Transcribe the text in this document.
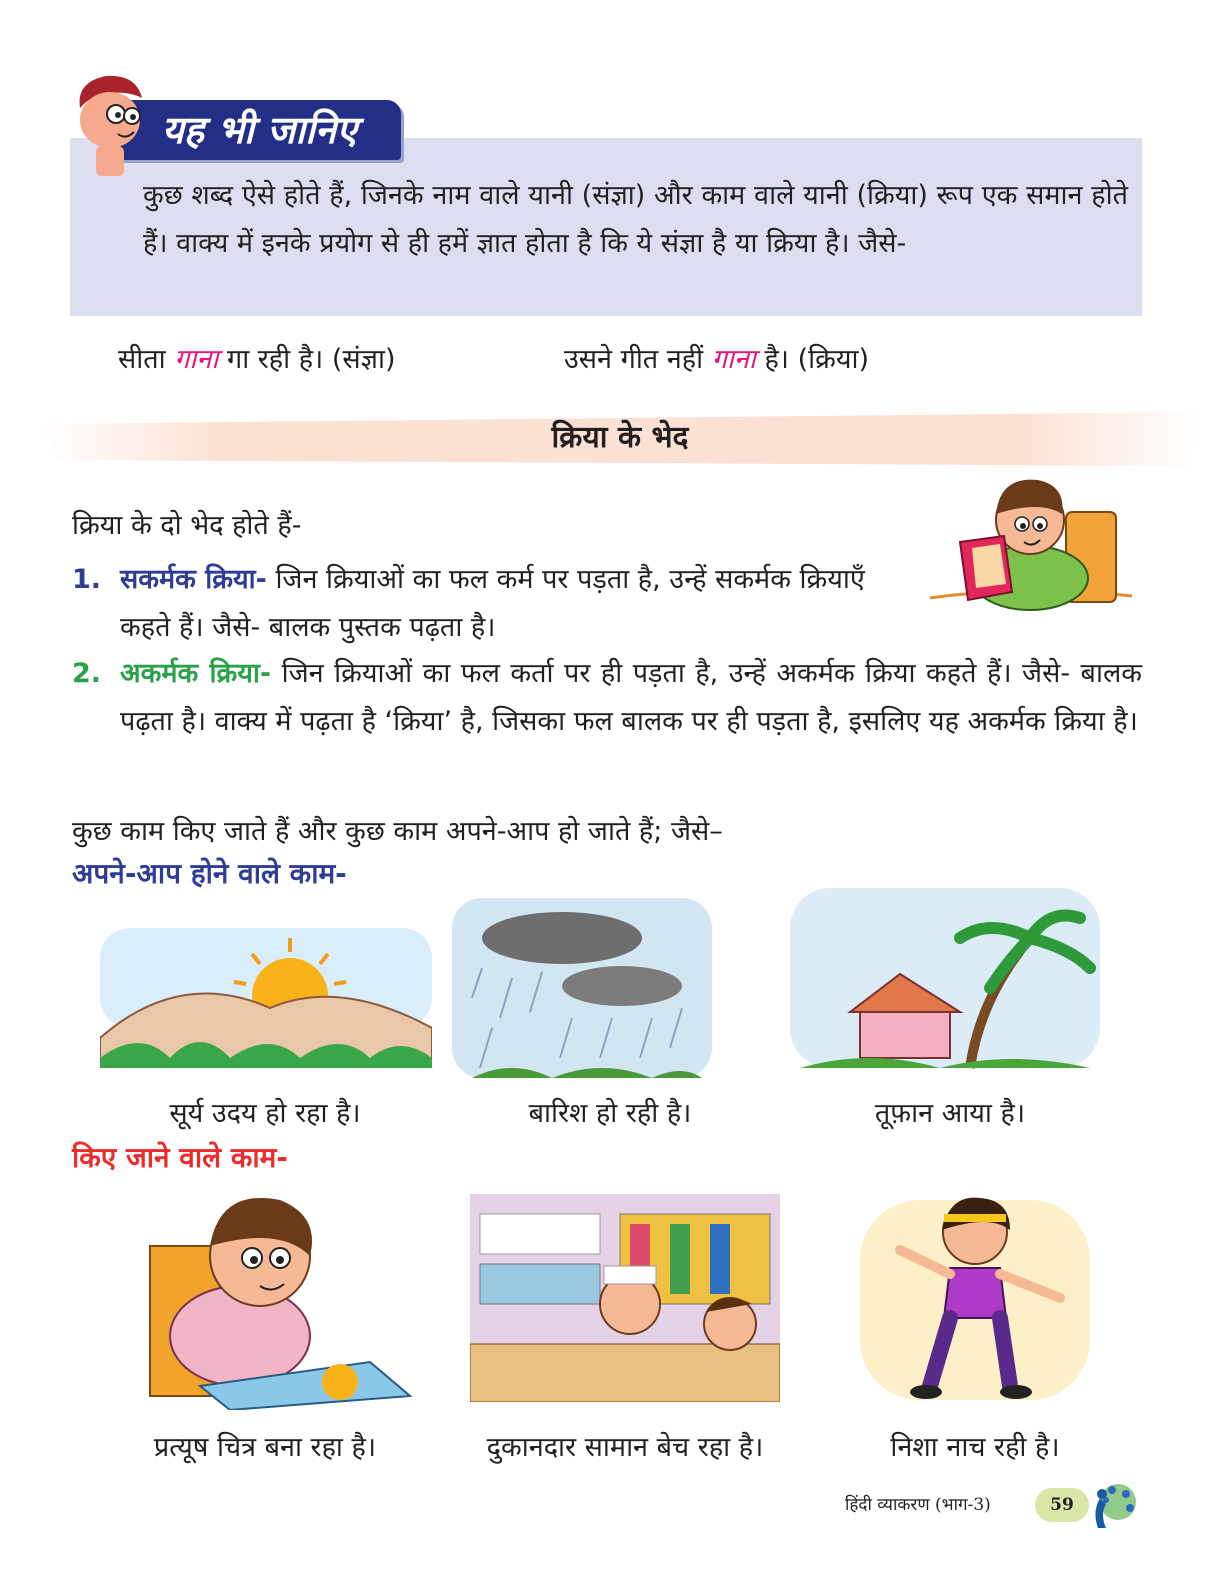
कुछ शब्द ऐसे होते हैं, जिनके नाम वाले यानी (संज्ञा) और काम वाले यानी (क्रिया) रूप एक समान होते हैं। वाक्य में इनके प्रयोग से ही हमें ज्ञात होता है कि ये संज्ञा है या क्रिया है। जैसे-
यह भी जानिए
सीता गाना गा रही है। (संज्ञा)	उसने गीत नहीं गाना है। (क्रिया)
क्रिया के भेद
क्रिया के दो भेद होते हैं-
1. सकर्मक क्रिया- जिन क्रियाओं का फल कर्म पर पड़ता है, उन्हें सकर्मक क्रियाएँ कहते हैं। जैसे- बालक पुस्तक पढ़ता है।
2. अकर्मक क्रिया- जिन क्रियाओं का फल कर्ता पर ही पड़ता है, उन्हें अकर्मक क्रिया कहते हैं। जैसे- बालक पढ़ता है। वाक्य में पढ़ता है ‘क्रिया’ है, जिसका फल बालक पर ही पड़ता है, इसलिए यह अकर्मक क्रिया है।
कुछ काम किए जाते हैं और कुछ काम अपने-आप हो जाते हैं; जैसे–
अपने-आप होने वाले काम-
सूर्य उदय हो रहा है।	बारिश हो रही है।	तूफ़ान आया है।
किए जाने वाले काम-
प्रत्यूष चित्र बना रहा है।	दुकानदार सामान बेच रहा है।	निशा नाच रही है।
हिंदी व्याकरण (भाग-3)	59
